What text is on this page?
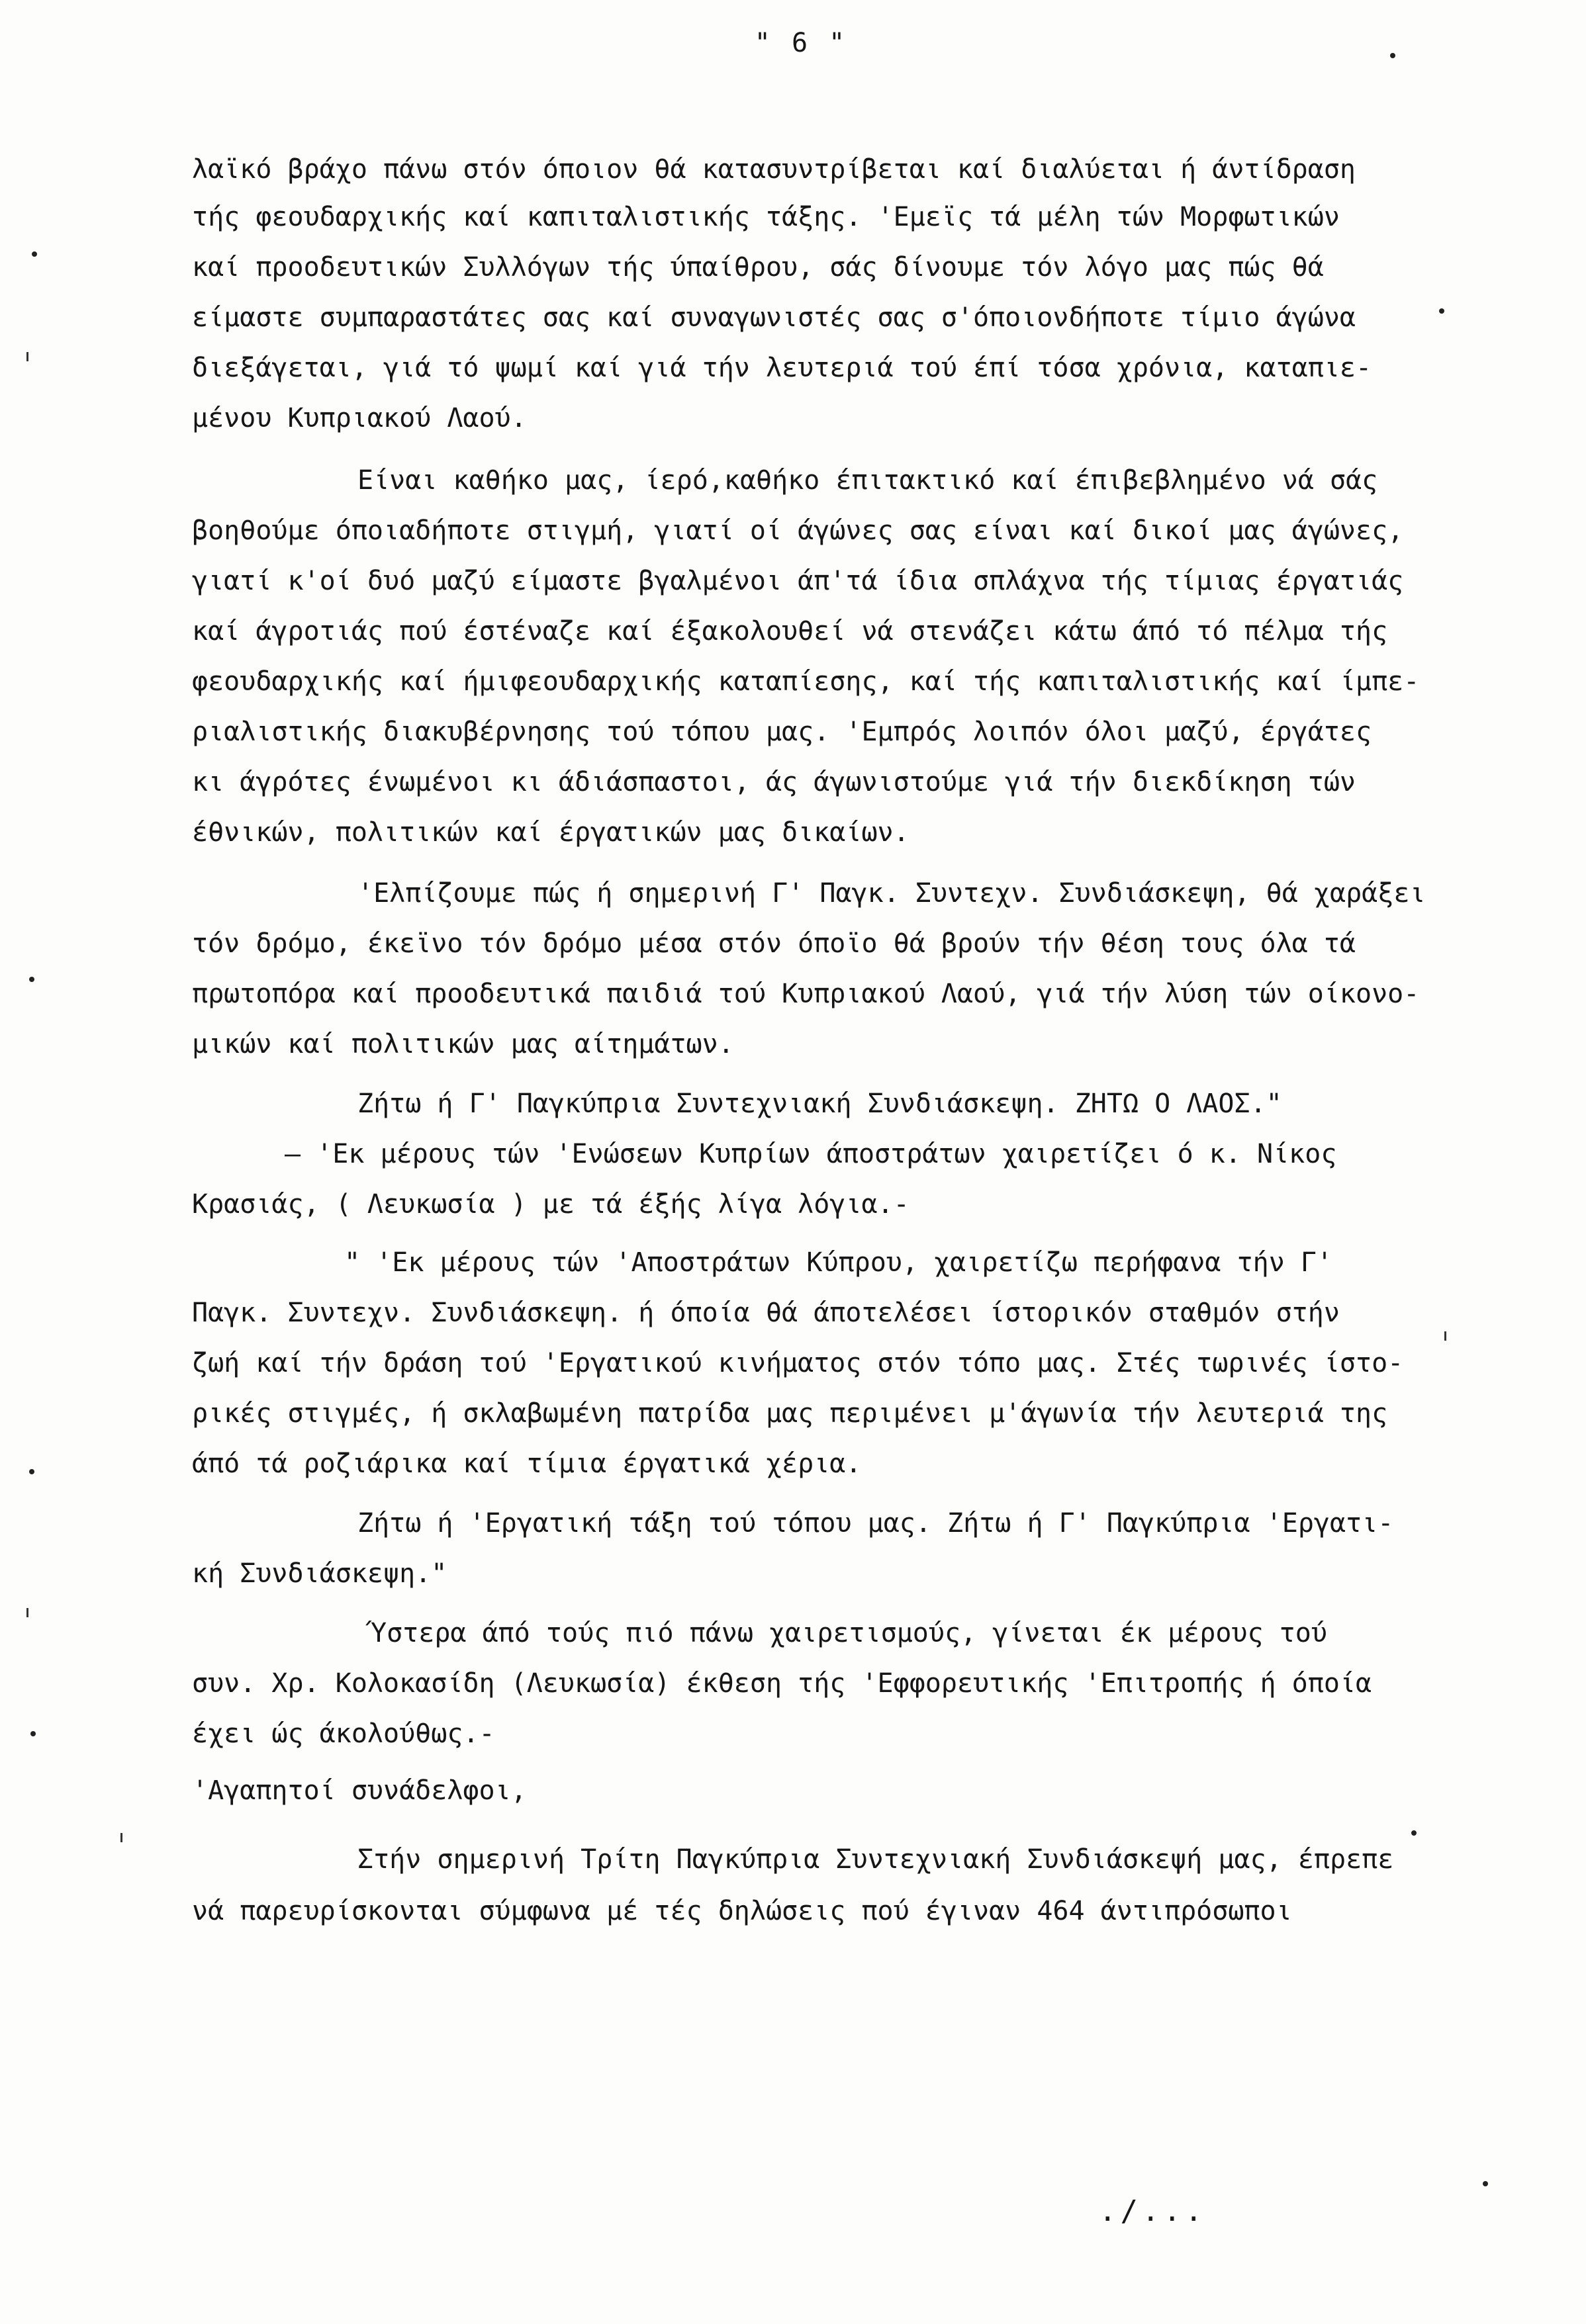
" 6 "
λαϊκό βράχο πάνω στόν όποιον θά κατασυντρίβεται καί διαλύεται ή άντίδραση
τής φεουδαρχικής καί καπιταλιστικής τάξης. 'Εμεϊς τά μέλη τών Μορφωτικών
καί προοδευτικών Συλλόγων τής ύπαίθρου, σάς δίνουμε τόν λόγο μας πώς θά
είμαστε συμπαραστάτες σας καί συναγωνιστές σας σ'όποιονδήποτε τίμιο άγώνα
διεξάγεται, γιά τό ψωμί καί γιά τήν λευτεριά τού έπί τόσα χρόνια, καταπιε-
μένου Κυπριακού Λαού.
Είναι καθήκο μας, ίερό,καθήκο έπιτακτικό καί έπιβεβλημένο νά σάς
βοηθούμε όποιαδήποτε στιγμή, γιατί οί άγώνες σας είναι καί δικοί μας άγώνες,
γιατί κ'οί δυό μαζύ είμαστε βγαλμένοι άπ'τά ίδια σπλάχνα τής τίμιας έργατιάς
καί άγροτιάς πού έστέναζε καί έξακολουθεί νά στενάζει κάτω άπό τό πέλμα τής
φεουδαρχικής καί ήμιφεουδαρχικής καταπίεσης, καί τής καπιταλιστικής καί ίμπε-
ριαλιστικής διακυβέρνησης τού τόπου μας. 'Εμπρός λοιπόν όλοι μαζύ, έργάτες
κι άγρότες ένωμένοι κι άδιάσπαστοι, άς άγωνιστούμε γιά τήν διεκδίκηση τών
έθνικών, πολιτικών καί έργατικών μας δικαίων.
'Ελπίζουμε πώς ή σημερινή Γ' Παγκ. Συντεχν. Συνδιάσκεψη, θά χαράξει
τόν δρόμο, έκεϊνο τόν δρόμο μέσα στόν όποϊο θά βρούν τήν θέση τους όλα τά
πρωτοπόρα καί προοδευτικά παιδιά τού Κυπριακού Λαού, γιά τήν λύση τών οίκονο-
μικών καί πολιτικών μας αίτημάτων.
Ζήτω ή Γ' Παγκύπρια Συντεχνιακή Συνδιάσκεψη. ΖΗΤΩ Ο ΛΑΟΣ."
— 'Εκ μέρους τών 'Ενώσεων Κυπρίων άποστράτων χαιρετίζει ό κ. Νίκος
Κρασιάς, ( Λευκωσία ) με τά έξής λίγα λόγια.-
" 'Εκ μέρους τών 'Αποστράτων Κύπρου, χαιρετίζω περήφανα τήν Γ'
Παγκ. Συντεχν. Συνδιάσκεψη. ή όποία θά άποτελέσει ίστορικόν σταθμόν στήν
ζωή καί τήν δράση τού 'Εργατικού κινήματος στόν τόπο μας. Στές τωρινές ίστο-
ρικές στιγμές, ή σκλαβωμένη πατρίδα μας περιμένει μ'άγωνία τήν λευτεριά της
άπό τά ροζιάρικα καί τίμια έργατικά χέρια.
Ζήτω ή 'Εργατική τάξη τού τόπου μας. Ζήτω ή Γ' Παγκύπρια 'Εργατι-
κή Συνδιάσκεψη."
Ύστερα άπό τούς πιό πάνω χαιρετισμούς, γίνεται έκ μέρους τού
συν. Χρ. Κολοκασίδη (Λευκωσία) έκθεση τής 'Εφφορευτικής 'Επιτροπής ή όποία
έχει ώς άκολούθως.-
'Αγαπητοί συνάδελφοι,
Στήν σημερινή Τρίτη Παγκύπρια Συντεχνιακή Συνδιάσκεψή μας, έπρεπε
νά παρευρίσκονται σύμφωνα μέ τές δηλώσεις πού έγιναν 464 άντιπρόσωποι
./...
